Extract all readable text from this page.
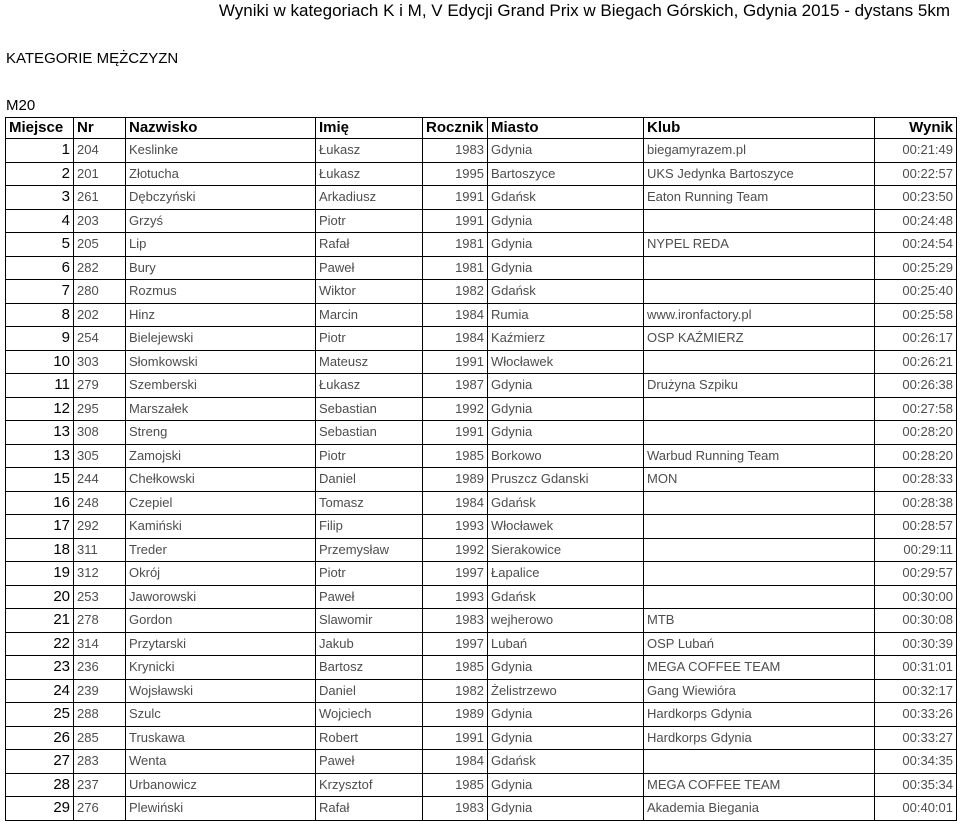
Wyniki w kategoriach K i M, V Edycji Grand Prix w Biegach Górskich, Gdynia 2015 - dystans 5km
KATEGORIE MĘŻCZYZN
M20
Miejsce	Nr	Nazwisko	Imię	Rocznik	Miasto	Klub	Wynik
1	204	Keslinke	Łukasz	1983	Gdynia	biegamyrazem.pl	00:21:49
2	201	Złotucha	Łukasz	1995	Bartoszyce	UKS Jedynka Bartoszyce	00:22:57
3	261	Dębczyński	Arkadiusz	1991	Gdańsk	Eaton Running Team	00:23:50
4	203	Grzyś	Piotr	1991	Gdynia		00:24:48
5	205	Lip	Rafał	1981	Gdynia	NYPEL REDA	00:24:54
6	282	Bury	Paweł	1981	Gdynia		00:25:29
7	280	Rozmus	Wiktor	1982	Gdańsk		00:25:40
8	202	Hinz	Marcin	1984	Rumia	www.ironfactory.pl	00:25:58
9	254	Bielejewski	Piotr	1984	Kaźmierz	OSP KAŹMIERZ	00:26:17
10	303	Słomkowski	Mateusz	1991	Włocławek		00:26:21
11	279	Szemberski	Łukasz	1987	Gdynia	Drużyna Szpiku	00:26:38
12	295	Marszałek	Sebastian	1992	Gdynia		00:27:58
13	308	Streng	Sebastian	1991	Gdynia		00:28:20
13	305	Zamojski	Piotr	1985	Borkowo	Warbud Running Team	00:28:20
15	244	Chełkowski	Daniel	1989	Pruszcz Gdanski	MON	00:28:33
16	248	Czepiel	Tomasz	1984	Gdańsk		00:28:38
17	292	Kamiński	Filip	1993	Włocławek		00:28:57
18	311	Treder	Przemysław	1992	Sierakowice		00:29:11
19	312	Okrój	Piotr	1997	Łapalice		00:29:57
20	253	Jaworowski	Paweł	1993	Gdańsk		00:30:00
21	278	Gordon	Slawomir	1983	wejherowo	MTB	00:30:08
22	314	Przytarski	Jakub	1997	Lubań	OSP Lubań	00:30:39
23	236	Krynicki	Bartosz	1985	Gdynia	MEGA COFFEE TEAM	00:31:01
24	239	Wojsławski	Daniel	1982	Żelistrzewo	Gang Wiewióra	00:32:17
25	288	Szulc	Wojciech	1989	Gdynia	Hardkorps Gdynia	00:33:26
26	285	Truskawa	Robert	1991	Gdynia	Hardkorps Gdynia	00:33:27
27	283	Wenta	Paweł	1984	Gdańsk		00:34:35
28	237	Urbanowicz	Krzysztof	1985	Gdynia	MEGA COFFEE TEAM	00:35:34
29	276	Plewiński	Rafał	1983	Gdynia	Akademia Biegania	00:40:01
